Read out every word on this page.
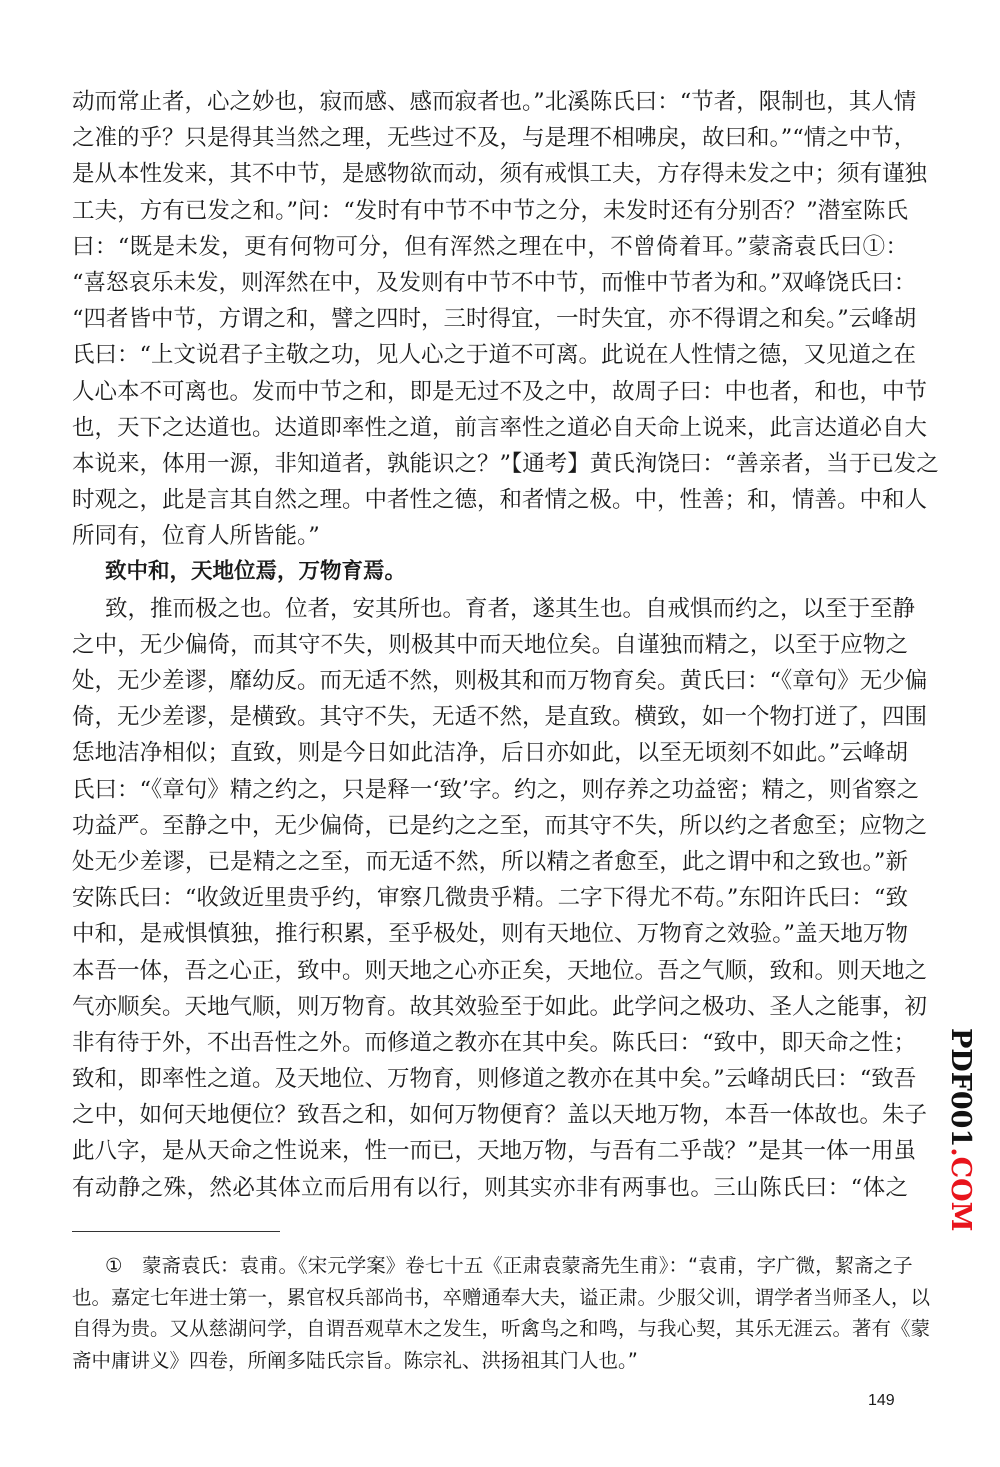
动而常止者，心之妙也，寂而感、感而寂者也。”北溪陈氏曰：“节者，限制也，其人情
之准的乎？只是得其当然之理，无些过不及，与是理不相咈戾，故曰和。”“情之中节，
是从本性发来，其不中节，是感物欲而动，须有戒惧工夫，方存得未发之中；须有谨独
工夫，方有已发之和。”问：“发时有中节不中节之分，未发时还有分别否？”潜室陈氏
曰：“既是未发，更有何物可分，但有浑然之理在中，不曾倚着耳。”蒙斋袁氏曰①：
“喜怒哀乐未发，则浑然在中，及发则有中节不中节，而惟中节者为和。”双峰饶氏曰：
“四者皆中节，方谓之和，譬之四时，三时得宜，一时失宜，亦不得谓之和矣。”云峰胡
氏曰：“上文说君子主敬之功，见人心之于道不可离。此说在人性情之德，又见道之在
人心本不可离也。发而中节之和，即是无过不及之中，故周子曰：中也者，和也，中节
也，天下之达道也。达道即率性之道，前言率性之道必自天命上说来，此言达道必自大
本说来，体用一源，非知道者，孰能识之？”【通考】黄氏洵饶曰：“善亲者，当于已发之
时观之，此是言其自然之理。中者性之德，和者情之极。中，性善；和，情善。中和人
所同有，位育人所皆能。”
致中和，天地位焉，万物育焉。
致，推而极之也。位者，安其所也。育者，遂其生也。自戒惧而约之，以至于至静
之中，无少偏倚，而其守不失，则极其中而天地位矣。自谨独而精之，以至于应物之
处，无少差谬，靡幼反。而无适不然，则极其和而万物育矣。黄氏曰：“《章句》无少偏
倚，无少差谬，是横致。其守不失，无适不然，是直致。横致，如一个物打迸了，四围
恁地洁净相似；直致，则是今日如此洁净，后日亦如此，以至无顷刻不如此。”云峰胡
氏曰：“《章句》精之约之，只是释一‘致’字。约之，则存养之功益密；精之，则省察之
功益严。至静之中，无少偏倚，已是约之之至，而其守不失，所以约之者愈至；应物之
处无少差谬，已是精之之至，而无适不然，所以精之者愈至，此之谓中和之致也。”新
安陈氏曰：“收敛近里贵乎约，审察几微贵乎精。二字下得尤不苟。”东阳许氏曰：“致
中和，是戒惧慎独，推行积累，至乎极处，则有天地位、万物育之效验。”盖天地万物
本吾一体，吾之心正，致中。则天地之心亦正矣，天地位。吾之气顺，致和。则天地之
气亦顺矣。天地气顺，则万物育。故其效验至于如此。此学问之极功、圣人之能事，初
非有待于外，不出吾性之外。而修道之教亦在其中矣。陈氏曰：“致中，即天命之性；
致和，即率性之道。及天地位、万物育，则修道之教亦在其中矣。”云峰胡氏曰：“致吾
之中，如何天地便位？致吾之和，如何万物便育？盖以天地万物，本吾一体故也。朱子
此八字，是从天命之性说来，性一而已，天地万物，与吾有二乎哉？”是其一体一用虽
有动静之殊，然必其体立而后用有以行，则其实亦非有两事也。三山陈氏曰：“体之
①　蒙斋袁氏：袁甫。《宋元学案》卷七十五《正肃袁蒙斋先生甫》：“袁甫，字广微，絜斋之子
也。嘉定七年进士第一，累官权兵部尚书，卒赠通奉大夫，谥正肃。少服父训，谓学者当师圣人，以
自得为贵。又从慈湖问学，自谓吾观草木之发生，听禽鸟之和鸣，与我心契，其乐无涯云。著有《蒙
斋中庸讲义》四卷，所阐多陆氏宗旨。陈宗礼、洪扬祖其门人也。”
PDF001.COM
149
